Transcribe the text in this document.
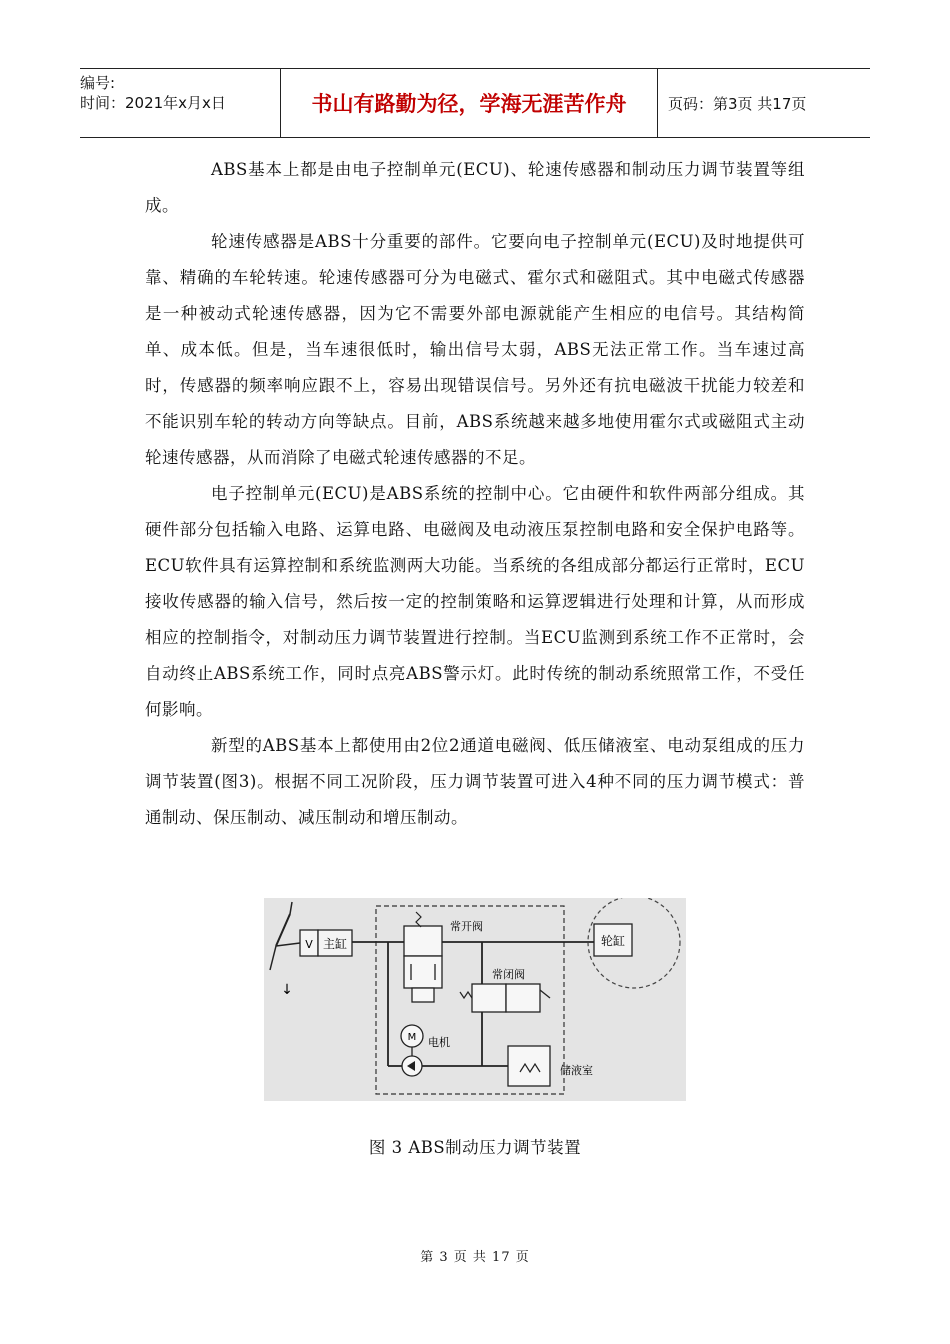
编号:
时间：2021年x月x日	书山有路勤为径，学海无涯苦作舟	页码：第3页 共17页

ABS基本上都是由电子控制单元(ECU)、轮速传感器和制动压力调节装置等组成。

轮速传感器是ABS十分重要的部件。它要向电子控制单元(ECU)及时地提供可靠、精确的车轮转速。轮速传感器可分为电磁式、霍尔式和磁阻式。其中电磁式传感器是一种被动式轮速传感器，因为它不需要外部电源就能产生相应的电信号。其结构简单、成本低。但是，当车速很低时，输出信号太弱，ABS无法正常工作。当车速过高时，传感器的频率响应跟不上，容易出现错误信号。另外还有抗电磁波干扰能力较差和不能识别车轮的转动方向等缺点。目前，ABS系统越来越多地使用霍尔式或磁阻式主动轮速传感器，从而消除了电磁式轮速传感器的不足。

电子控制单元(ECU)是ABS系统的控制中心。它由硬件和软件两部分组成。其硬件部分包括输入电路、运算电路、电磁阀及电动液压泵控制电路和安全保护电路等。ECU软件具有运算控制和系统监测两大功能。当系统的各组成部分都运行正常时，ECU接收传感器的输入信号，然后按一定的控制策略和运算逻辑进行处理和计算，从而形成相应的控制指令，对制动压力调节装置进行控制。当ECU监测到系统工作不正常时，会自动终止ABS系统工作，同时点亮ABS警示灯。此时传统的制动系统照常工作，不受任何影响。

新型的ABS基本上都使用由2位2通道电磁阀、低压储液室、电动泵组成的压力调节装置(图3)。根据不同工况阶段，压力调节装置可进入4种不同的压力调节模式：普通制动、保压制动、减压制动和增压制动。

V 主缸
↓
常开阀
常闭阀
轮缸
M 电机
储液室
图 3 ABS制动压力调节装置
第 3 页 共 17 页
